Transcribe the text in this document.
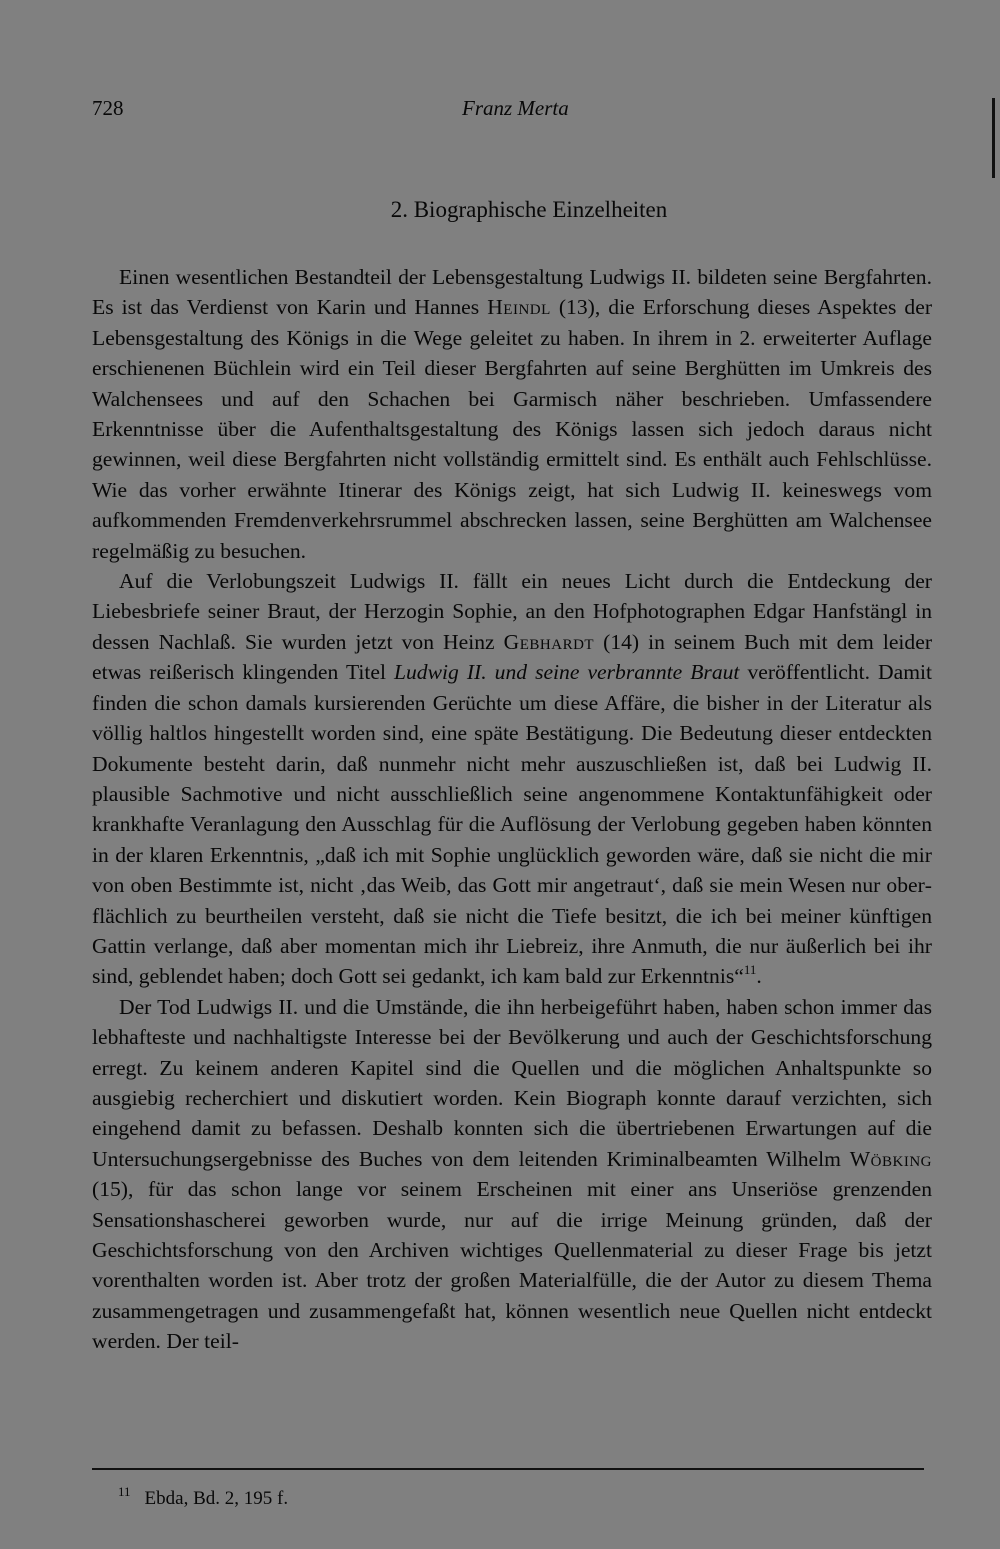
728	Franz Merta
2. Biographische Einzelheiten

Einen wesentlichen Bestandteil der Lebensgestaltung Ludwigs II. bildeten seine Bergfahrten. Es ist das Verdienst von Karin und Hannes Heindl (13), die Erforschung dieses Aspektes der Lebensgestaltung des Königs in die Wege geleitet zu haben. In ihrem in 2. erweiterter Auflage erschienenen Büchlein wird ein Teil dieser Bergfahrten auf seine Berghütten im Umkreis des Walchensees und auf den Schachen bei Garmisch näher beschrieben. Umfassendere Erkenntnisse über die Aufenthaltsgestaltung des Königs lassen sich jedoch daraus nicht gewinnen, weil diese Bergfahrten nicht vollständig ermittelt sind. Es enthält auch Fehlschlüsse. Wie das vorher erwähnte Itinerar des Königs zeigt, hat sich Ludwig II. keineswegs vom aufkommenden Fremdenverkehrsrummel abschrecken lassen, seine Berghütten am Walchensee regelmäßig zu besuchen.

Auf die Verlobungszeit Ludwigs II. fällt ein neues Licht durch die Entdeckung der Liebesbriefe seiner Braut, der Herzogin Sophie, an den Hofphotographen Edgar Hanfstängl in dessen Nachlaß. Sie wurden jetzt von Heinz Gebhardt (14) in seinem Buch mit dem leider etwas reißerisch klingenden Titel Ludwig II. und seine verbrannte Braut veröffentlicht. Damit finden die schon damals kursierenden Gerüchte um diese Affäre, die bisher in der Literatur als völlig haltlos hingestellt worden sind, eine späte Bestätigung. Die Bedeutung dieser entdeckten Dokumente besteht darin, daß nunmehr nicht mehr auszuschließen ist, daß bei Ludwig II. plausible Sachmotive und nicht ausschließlich seine angenommene Kontaktunfähigkeit oder krankhafte Veranlagung den Ausschlag für die Auflösung der Verlobung gegeben haben könnten in der klaren Erkenntnis, „daß ich mit Sophie unglücklich geworden wäre, daß sie nicht die mir von oben Bestimmte ist, nicht ‚das Weib, das Gott mir angetraut‘, daß sie mein Wesen nur oberflächlich zu beurtheilen versteht, daß sie nicht die Tiefe besitzt, die ich bei meiner künftigen Gattin verlange, daß aber momentan mich ihr Liebreiz, ihre Anmuth, die nur äußerlich bei ihr sind, geblendet haben; doch Gott sei gedankt, ich kam bald zur Erkenntnis“$^{11}$.

Der Tod Ludwigs II. und die Umstände, die ihn herbeigeführt haben, haben schon immer das lebhafteste und nachhaltigste Interesse bei der Bevölkerung und auch der Geschichtsforschung erregt. Zu keinem anderen Kapitel sind die Quellen und die möglichen Anhaltspunkte so ausgiebig recherchiert und diskutiert worden. Kein Biograph konnte darauf verzichten, sich eingehend damit zu befassen. Deshalb konnten sich die übertriebenen Erwartungen auf die Untersuchungsergebnisse des Buches von dem leitenden Kriminalbeamten Wilhelm Wöbking (15), für das schon lange vor seinem Erscheinen mit einer ans Unseriöse grenzenden Sensationshascherei geworben wurde, nur auf die irrige Meinung gründen, daß der Geschichtsforschung von den Archiven wichtiges Quellenmaterial zu dieser Frage bis jetzt vorenthalten worden ist. Aber trotz der großen Materialfülle, die der Autor zu diesem Thema zusammengetragen und zusammengefaßt hat, können wesentlich neue Quellen nicht entdeckt werden. Der teil-

$^{11}$ Ebda, Bd. 2, 195 f.
